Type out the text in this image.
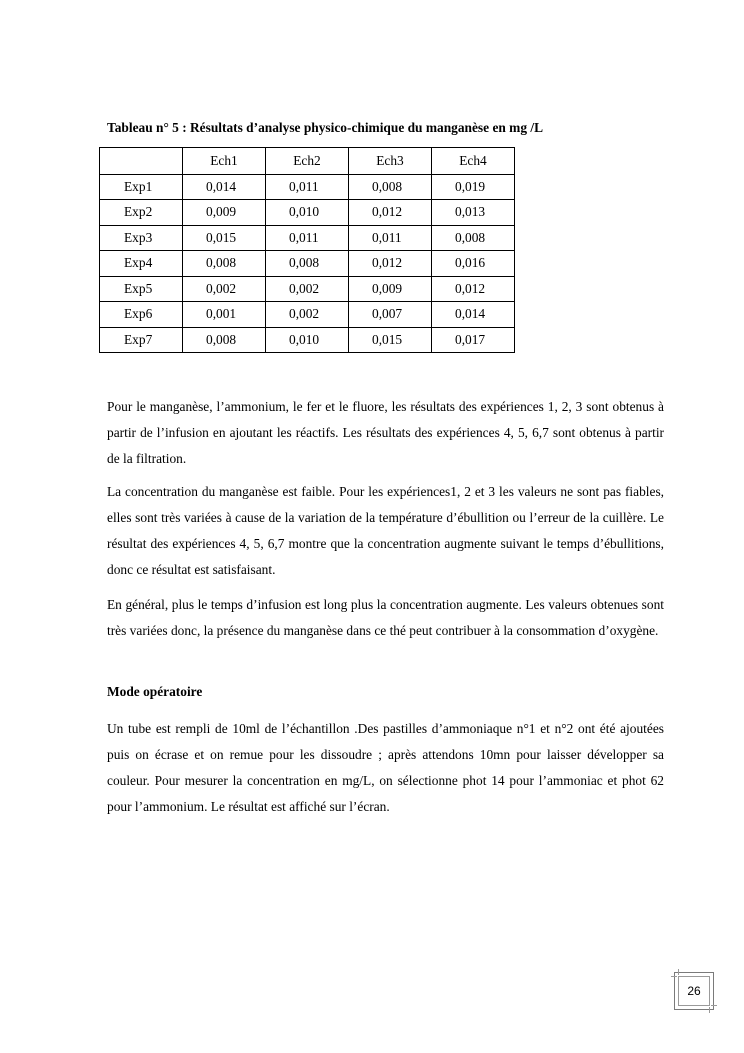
Tableau n° 5 : Résultats d’analyse physico-chimique du manganèse en mg /L
	Ech1	Ech2	Ech3	Ech4
Exp1	0,014	0,011	0,008	0,019
Exp2	0,009	0,010	0,012	0,013
Exp3	0,015	0,011	0,011	0,008
Exp4	0,008	0,008	0,012	0,016
Exp5	0,002	0,002	0,009	0,012
Exp6	0,001	0,002	0,007	0,014
Exp7	0,008	0,010	0,015	0,017

Pour le manganèse, l’ammonium, le fer et le fluore, les résultats des expériences 1, 2, 3 sont obtenus à partir de l’infusion en ajoutant les réactifs. Les résultats des expériences 4, 5, 6,7 sont obtenus à partir de la filtration.

La concentration du manganèse est faible. Pour les expériences1, 2 et 3 les valeurs ne sont pas fiables, elles sont très variées à cause de la variation de la température d’ébullition ou l’erreur de la cuillère. Le résultat des expériences 4, 5, 6,7 montre que la concentration augmente suivant le temps d’ébullitions, donc ce résultat est satisfaisant.

En général, plus le temps d’infusion est long plus la concentration augmente. Les valeurs obtenues sont très variées donc, la présence du manganèse dans ce thé peut contribuer à la consommation d’oxygène.

Mode opératoire

Un tube est rempli de 10ml de l’échantillon .Des pastilles d’ammoniaque n°1 et n°2 ont été ajoutées puis on écrase et on remue pour les dissoudre ; après attendons 10mn pour laisser développer sa couleur. Pour mesurer la concentration en mg/L, on sélectionne phot 14 pour l’ammoniac et phot 62 pour l’ammonium. Le résultat est affiché sur l’écran.

26
